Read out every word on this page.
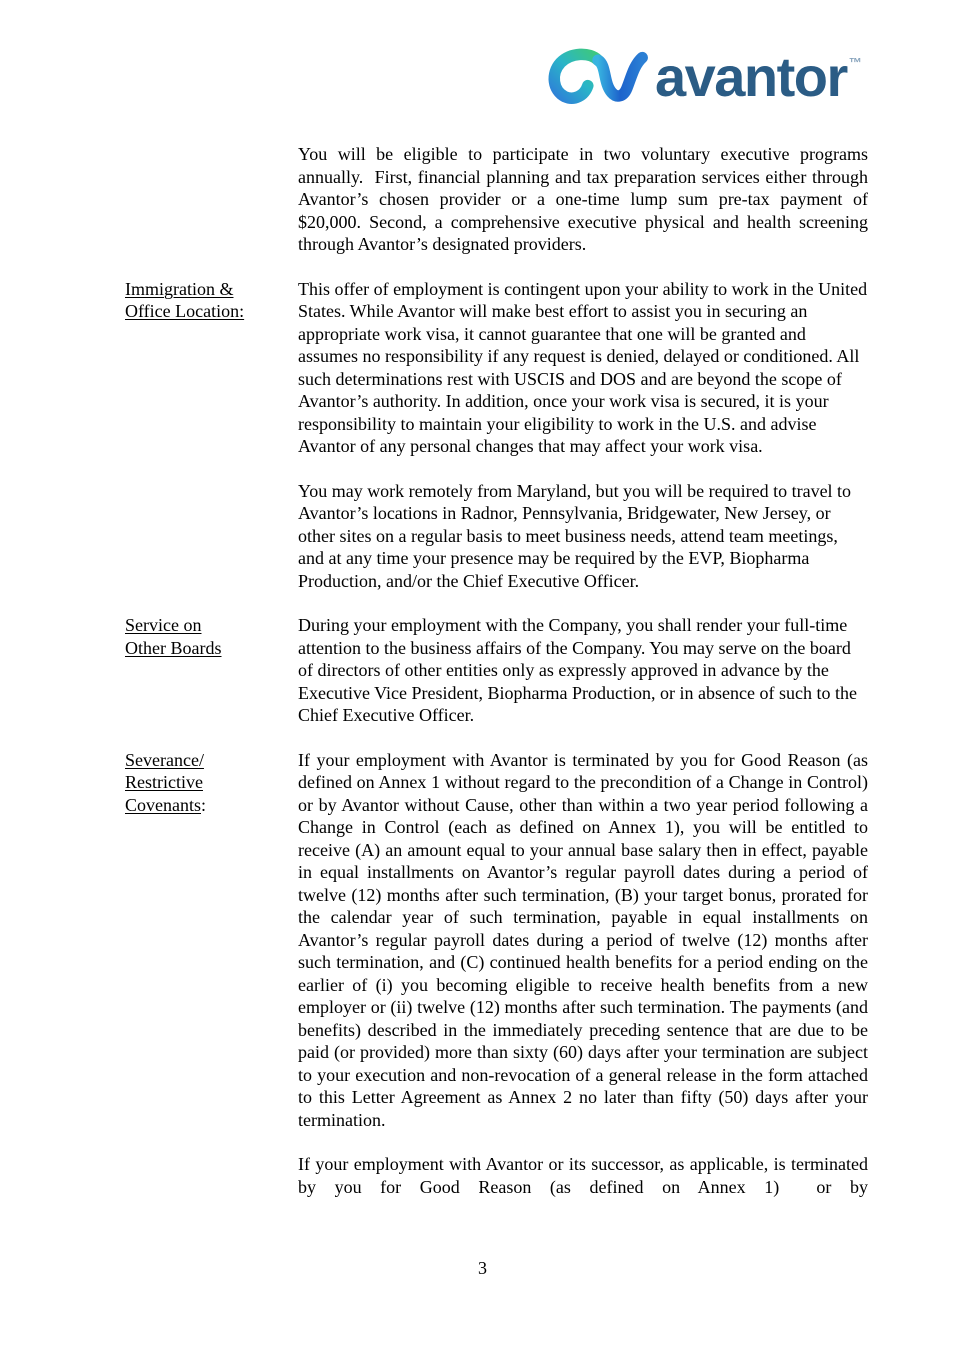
avantor ™

You will be eligible to participate in two voluntary executive programs annually.  First, financial planning and tax preparation services either through Avantor’s chosen provider or a one-time lump sum pre-tax payment of $20,000. Second, a comprehensive executive physical and health screening through Avantor’s designated providers.

Immigration &
Office Location:

This offer of employment is contingent upon your ability to work in the United States. While Avantor will make best effort to assist you in securing an appropriate work visa, it cannot guarantee that one will be granted and assumes no responsibility if any request is denied, delayed or conditioned. All such determinations rest with USCIS and DOS and are beyond the scope of Avantor’s authority. In addition, once your work visa is secured, it is your responsibility to maintain your eligibility to work in the U.S. and advise Avantor of any personal changes that may affect your work visa.

You may work remotely from Maryland, but you will be required to travel to Avantor’s locations in Radnor, Pennsylvania, Bridgewater, New Jersey, or other sites on a regular basis to meet business needs, attend team meetings, and at any time your presence may be required by the EVP, Biopharma Production, and/or the Chief Executive Officer.

Service on
Other Boards

During your employment with the Company, you shall render your full-time attention to the business affairs of the Company. You may serve on the board of directors of other entities only as expressly approved in advance by the Executive Vice President, Biopharma Production, or in absence of such to the Chief Executive Officer.

Severance/
Restrictive
Covenants:

If your employment with Avantor is terminated by you for Good Reason (as defined on Annex 1 without regard to the precondition of a Change in Control) or by Avantor without Cause, other than within a two year period following a Change in Control (each as defined on Annex 1), you will be entitled to receive (A) an amount equal to your annual base salary then in effect, payable in equal installments on Avantor’s regular payroll dates during a period of twelve (12) months after such termination, (B) your target bonus, prorated for the calendar year of such termination, payable in equal installments on Avantor’s regular payroll dates during a period of twelve (12) months after such termination, and (C) continued health benefits for a period ending on the earlier of (i) you becoming eligible to receive health benefits from a new employer or (ii) twelve (12) months after such termination. The payments (and benefits) described in the immediately preceding sentence that are due to be paid (or provided) more than sixty (60) days after your termination are subject to your execution and non-revocation of a general release in the form attached to this Letter Agreement as Annex 2 no later than fifty (50) days after your termination.

If your employment with Avantor or its successor, as applicable, is terminated by you for Good Reason (as defined on Annex 1)  or by

3
